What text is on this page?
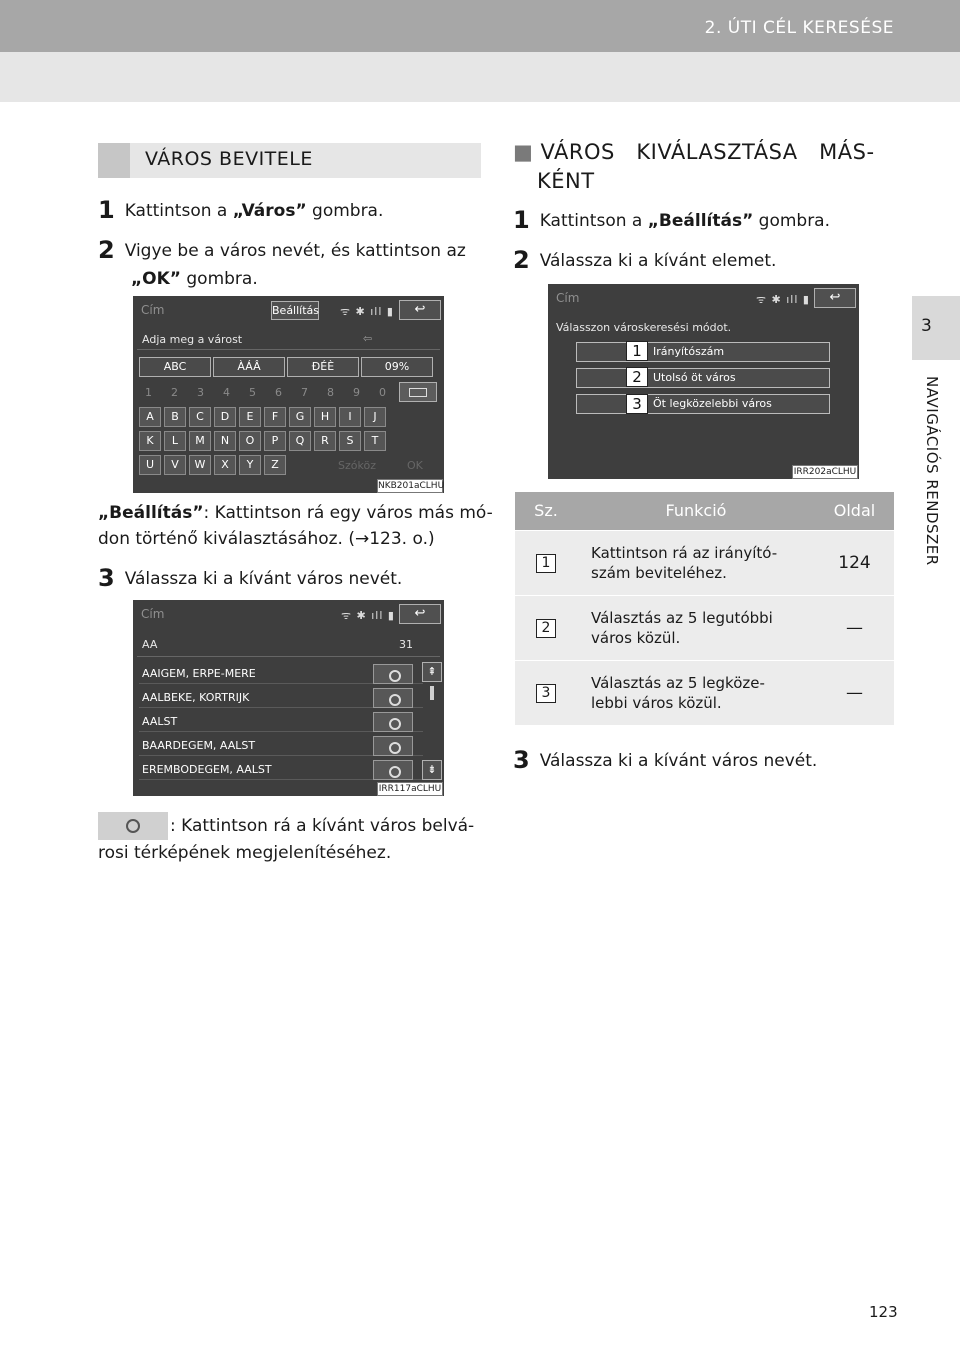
2. ÚTI CÉL KERESÉSE
3
NAVIGÁCIÓS RENDSZER
VÁROS BEVITELE
1 Kattintson a „Város” gombra.
2 Vigye be a város nevét, és kattintson az
„OK” gombra.
Cím	Beállítás ᯤ ✱ ıll ▮	↩
Adja meg a várost	⇦
ABC	ÀÁÂ	ĐÉÈ	09%
1 2 3 4 5 6 7 8 9 0
A	B	C	D	E	F	G	H	I	J
K	L	M	N	O	P	Q	R	S	T
U	V	W	X	Y	Z	Szóköz	OK
NKB201aCLHU
„Beállítás”: Kattintson rá egy város más mó-
don történő kiválasztásához. (→123. o.)
3 Válassza ki a kívánt város nevét.
Cím	ᯤ ✱ ıll ▮	↩
AA	31
AAIGEM, ERPE-MERE
AALBEKE, KORTRIJK
AALST
BAARDEGEM, AALST
EREMBODEGEM, AALST
⇞
⇟
IRR117aCLHU
: Kattintson rá a kívánt város belvá-
rosi térképének megjelenítéséhez.
■ VÁROS   KIVÁLASZTÁSA   MÁS-
KÉNT
1 Kattintson a „Beállítás” gombra.
2 Válassza ki a kívánt elemet.
Cím	ᯤ ✱ ıll ▮	↩
Válasszon városkeresési módot.
Irányítószám
Utolsó öt város
Öt legközelebbi város
1
2
3
IRR202aCLHU
Sz.	Funkció	Oldal
1	Kattintson rá az irányító-
szám beviteléhez.	124
2	Választás az 5 legutóbbi
város közül.	—
3	Választás az 5 legköze-
lebbi város közül.	—
3 Válassza ki a kívánt város nevét.
123
